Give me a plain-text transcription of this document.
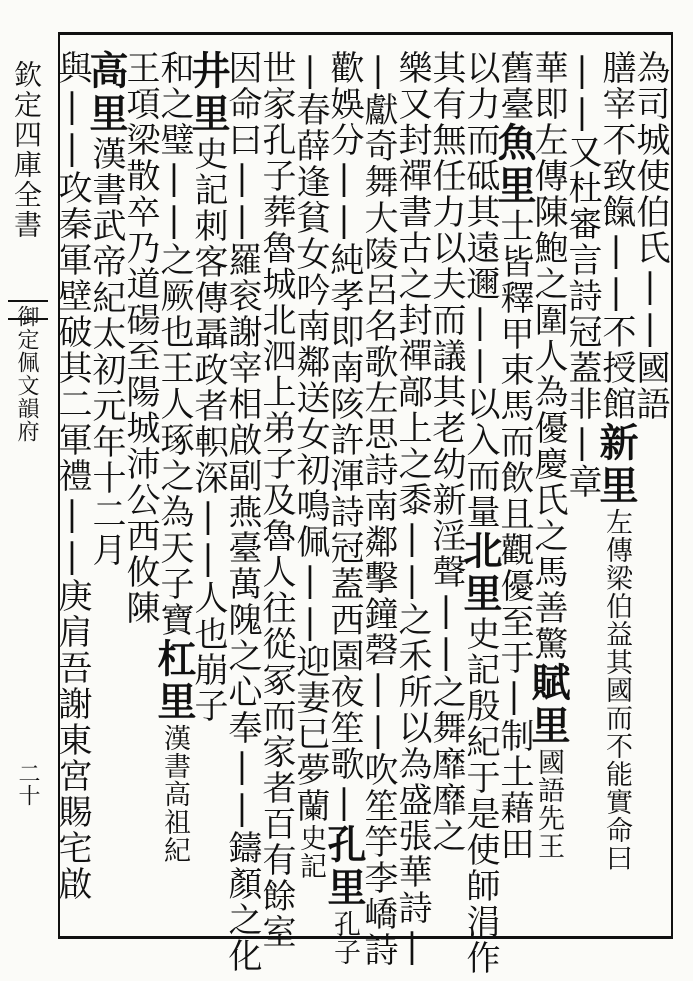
欽定四庫全書
御定佩文韻府
二十
為司城使伯氏||國語
膳宰不致餼||不授館新里左傳梁伯益其國而不能實命曰
||又杜審言詩冠蓋非|章
華即左傳陳鮑之圍人為優慶氏之馬善驚賦里國語先王
舊臺魚里士皆釋甲束馬而飲且觀優至于|制土藉田
以力而砥其遠邇||以入而量北里史記殷紀于是使師涓作
其有無任力以夫而議其老幼新淫聲||之舞靡靡之
樂又封禪書古之封禪鄗上之黍||之禾所以為盛張華詩|
|獻奇舞大陵呂名歌左思詩南鄰擊鐘磬||吹笙竽李嶠詩
歡娛分||純孝即南陔許渾詩冠蓋西園夜笙歌|孔里孔子
|春薛逢貧女吟南鄰送女初鳴佩||迎妻已夢蘭史記
世家孔子葬魯城北泗上弟子及魯人往從冢而家者百有餘室
因命曰||羅衮謝宰相啟副燕臺萬隗之心奉||鑄顏之化
井里史記刺客傳聶政者軹深||人也崩子
和之璧||之厥也王人琢之為天子寶杠里漢書高祖紀
王項梁散卒乃道碭至陽城沛公西攸陳
高里漢書武帝紀太初元年十二月
與||攻秦軍壁破其二軍禮||庚肩吾謝東宮賜宅啟
